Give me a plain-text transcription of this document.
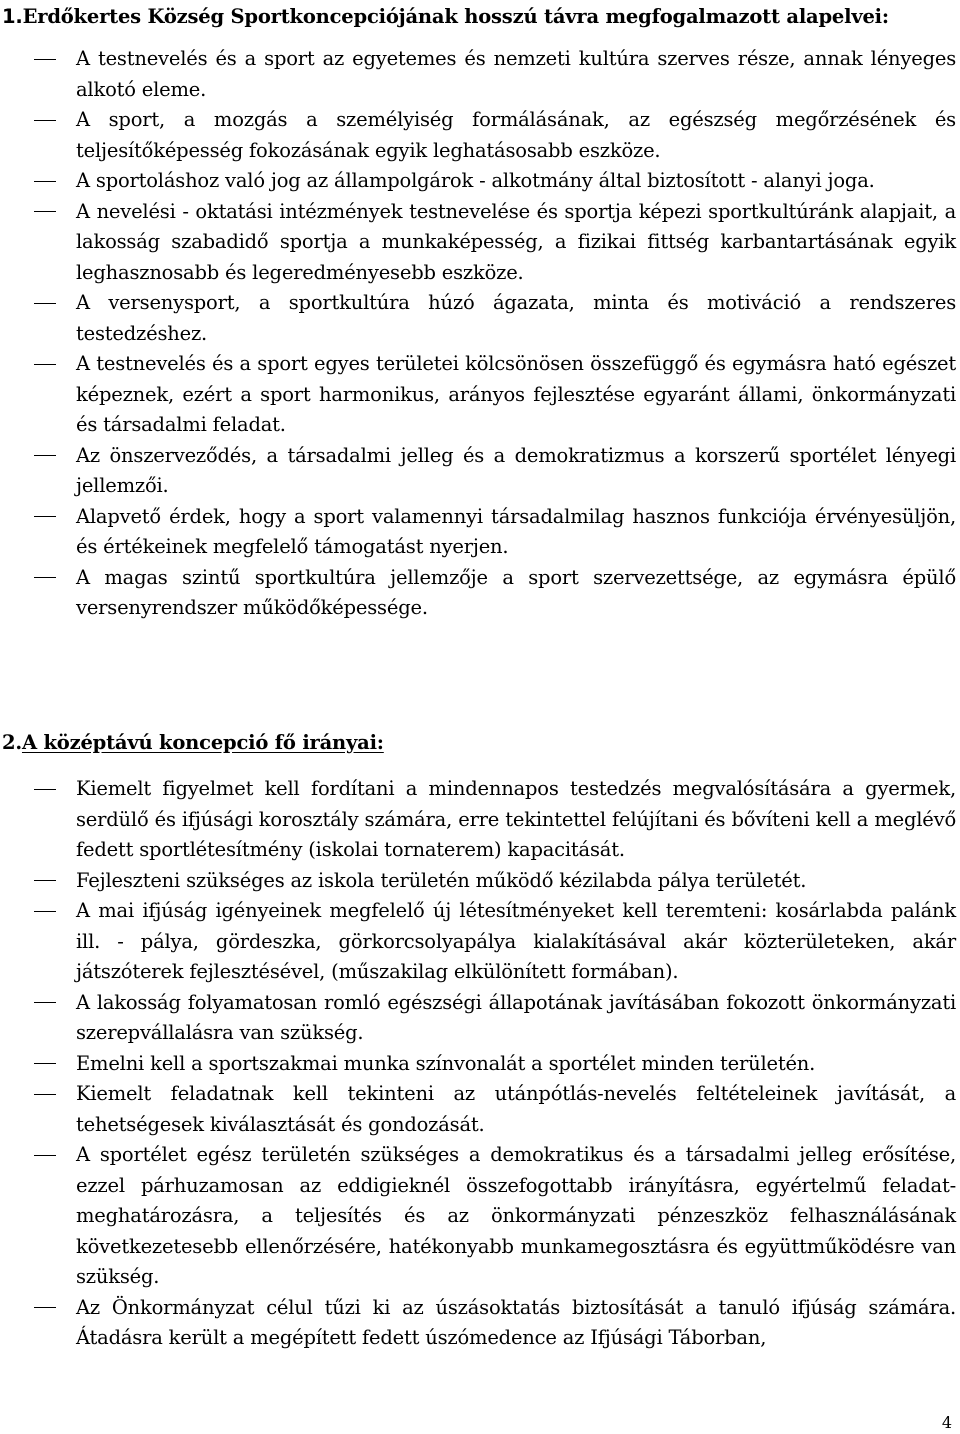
1.Erdőkertes Község Sportkoncepciójának hosszú távra megfogalmazott alapelvei:
A testnevelés és a sport az egyetemes és nemzeti kultúra szerves része, annak lényeges alkotó eleme.
A sport, a mozgás a személyiség formálásának, az egészség megőrzésének és teljesítőképesség fokozásának egyik leghatásosabb eszköze.
A sportoláshoz való jog az állampolgárok - alkotmány által biztosított - alanyi joga.
A nevelési - oktatási intézmények testnevelése és sportja képezi sportkultúránk alapjait, a lakosság szabadidő sportja a munkaképesség, a fizikai fittség karbantartásának egyik leghasznosabb és legeredményesebb eszköze.
A versenysport, a sportkultúra húzó ágazata, minta és motiváció a rendszeres testedzéshez.
A testnevelés és a sport egyes területei kölcsönösen összefüggő és egymásra ható egészet képeznek, ezért a sport harmonikus, arányos fejlesztése egyaránt állami, önkormányzati és társadalmi feladat.
Az önszerveződés, a társadalmi jelleg és a demokratizmus a korszerű sportélet lényegi jellemzői.
Alapvető érdek, hogy a sport valamennyi társadalmilag hasznos funkciója érvényesüljön, és értékeinek megfelelő támogatást nyerjen.
A magas szintű sportkultúra jellemzője a sport szervezettsége, az egymásra épülő versenyrendszer működőképessége.
2.A középtávú koncepció fő irányai:
Kiemelt figyelmet kell fordítani a mindennapos testedzés megvalósítására a gyermek, serdülő és ifjúsági korosztály számára, erre tekintettel felújítani és bővíteni kell a meglévő fedett sportlétesítmény (iskolai tornaterem) kapacitását.
Fejleszteni szükséges az iskola területén működő kézilabda pálya területét.
A mai ifjúság igényeinek megfelelő új létesítményeket kell teremteni: kosárlabda palánk ill. - pálya, gördeszka, görkorcsolyapálya kialakításával akár közterületeken, akár játszóterek fejlesztésével, (műszakilag elkülönített formában).
A lakosság folyamatosan romló egészségi állapotának javításában fokozott önkormányzati szerepvállalásra van szükség.
Emelni kell a sportszakmai munka színvonalát a sportélet minden területén.
Kiemelt feladatnak kell tekinteni az utánpótlás-nevelés feltételeinek javítását, a tehetségesek kiválasztását és gondozását.
A sportélet egész területén szükséges a demokratikus és a társadalmi jelleg erősítése, ezzel párhuzamosan az eddigieknél összefogottabb irányításra, egyértelmű feladat-meghatározásra, a teljesítés és az önkormányzati pénzeszköz felhasználásának következetesebb ellenőrzésére, hatékonyabb munkamegosztásra és együttműködésre van szükség.
Az Önkormányzat célul tűzi ki az úszásoktatás biztosítását a tanuló ifjúság számára. Átadásra került a megépített fedett úszómedence az Ifjúsági Táborban,
4
